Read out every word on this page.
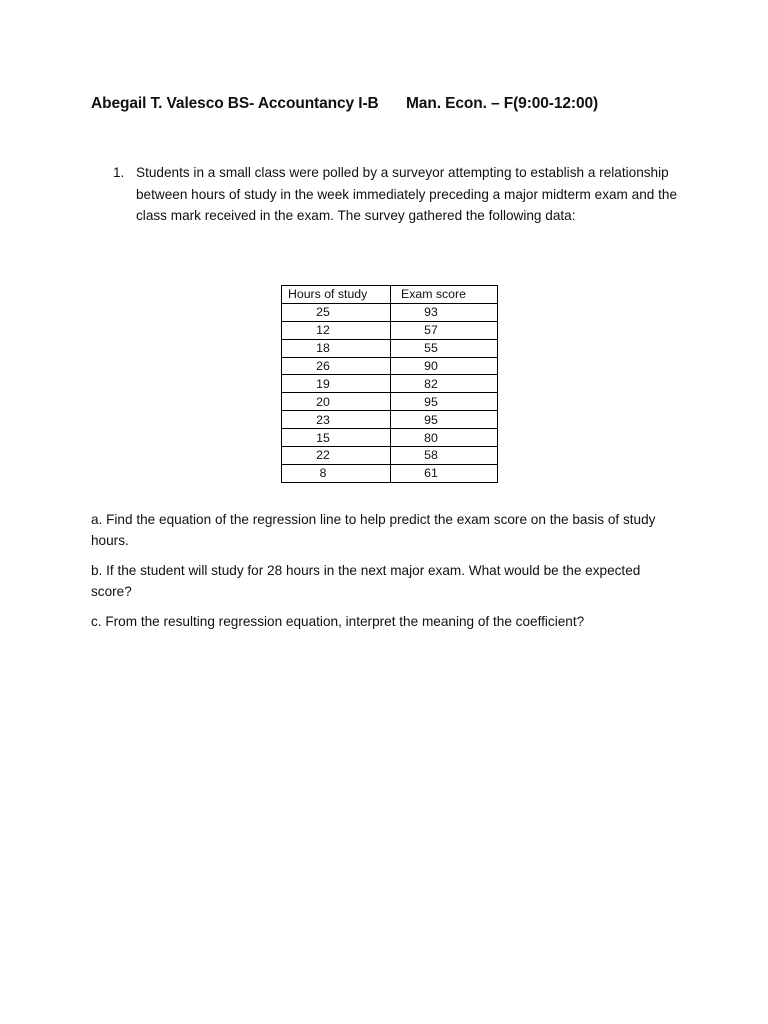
Abegail T. Valesco BS- Accountancy I-B Man. Econ. – F(9:00-12:00)
1. Students in a small class were polled by a surveyor attempting to establish a relationship between hours of study in the week immediately preceding a major midterm exam and the class mark received in the exam. The survey gathered the following data:
Hours of study	Exam score
25	93
12	57
18	55
26	90
19	82
20	95
23	95
15	80
22	58
8	61
a. Find the equation of the regression line to help predict the exam score on the basis of study hours.
b. If the student will study for 28 hours in the next major exam. What would be the expected score?
c. From the resulting regression equation, interpret the meaning of the coefficient?
